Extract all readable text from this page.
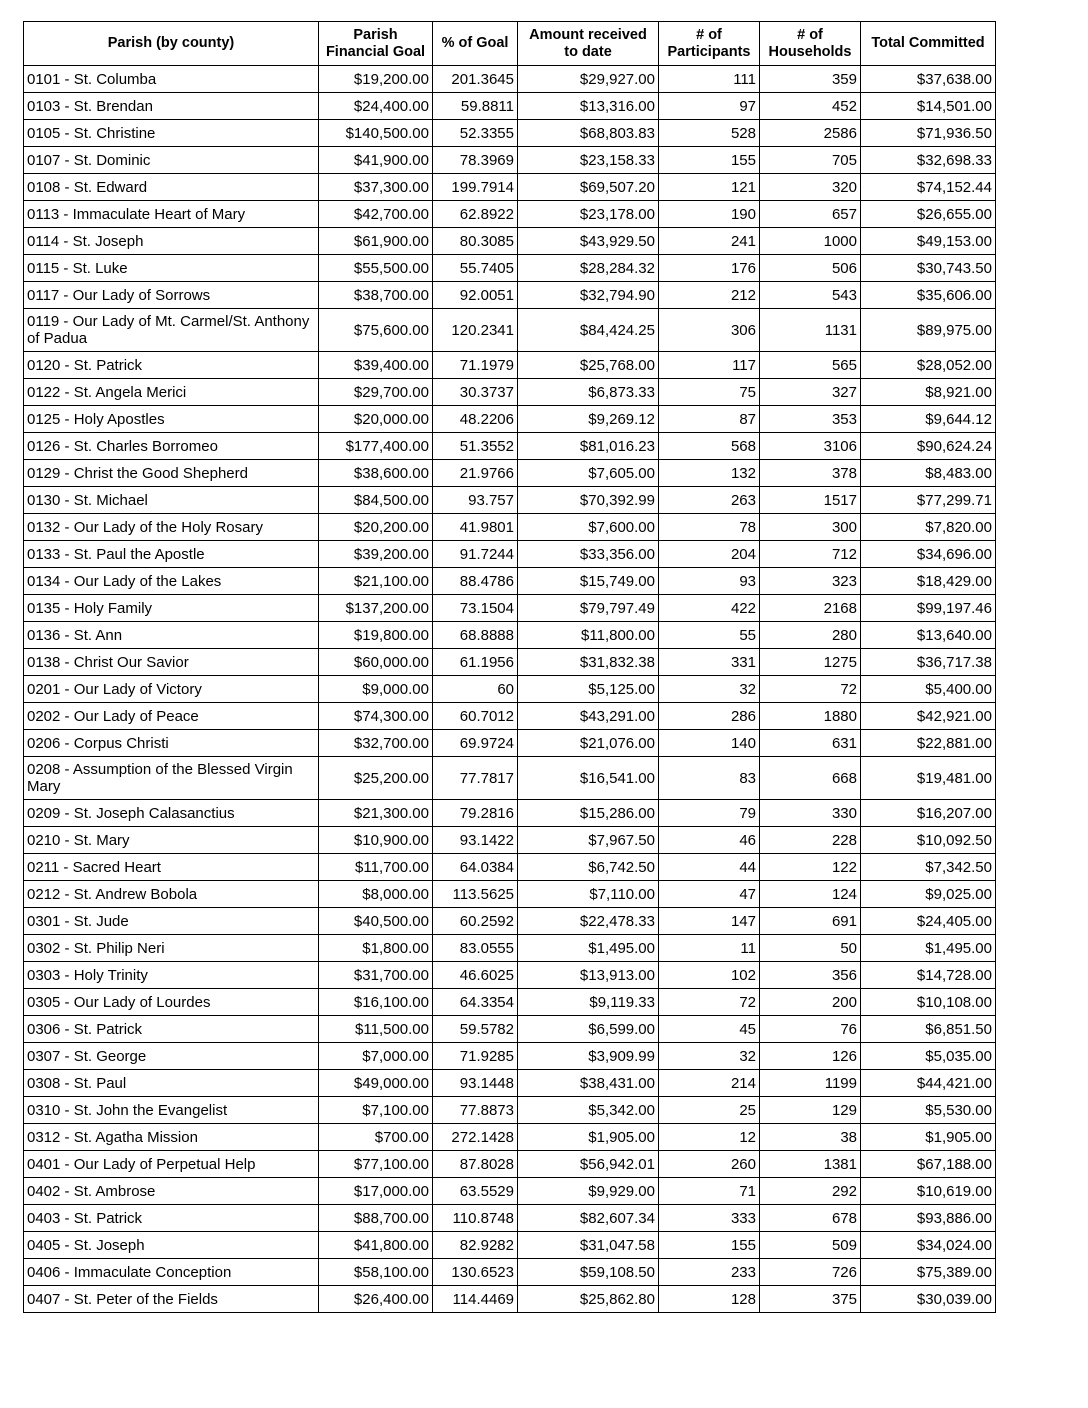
Parish (by county)	Parish Financial Goal	% of Goal	Amount received to date	# of Participants	# of Households	Total Committed
0101 - St. Columba	$19,200.00	201.3645	$29,927.00	111	359	$37,638.00
0103 - St. Brendan	$24,400.00	59.8811	$13,316.00	97	452	$14,501.00
0105 - St. Christine	$140,500.00	52.3355	$68,803.83	528	2586	$71,936.50
0107 - St. Dominic	$41,900.00	78.3969	$23,158.33	155	705	$32,698.33
0108 - St. Edward	$37,300.00	199.7914	$69,507.20	121	320	$74,152.44
0113 - Immaculate Heart of Mary	$42,700.00	62.8922	$23,178.00	190	657	$26,655.00
0114 - St. Joseph	$61,900.00	80.3085	$43,929.50	241	1000	$49,153.00
0115 - St. Luke	$55,500.00	55.7405	$28,284.32	176	506	$30,743.50
0117 - Our Lady of Sorrows	$38,700.00	92.0051	$32,794.90	212	543	$35,606.00
0119 - Our Lady of Mt. Carmel/St. Anthony of Padua	$75,600.00	120.2341	$84,424.25	306	1131	$89,975.00
0120 - St. Patrick	$39,400.00	71.1979	$25,768.00	117	565	$28,052.00
0122 - St. Angela Merici	$29,700.00	30.3737	$6,873.33	75	327	$8,921.00
0125 - Holy Apostles	$20,000.00	48.2206	$9,269.12	87	353	$9,644.12
0126 - St. Charles Borromeo	$177,400.00	51.3552	$81,016.23	568	3106	$90,624.24
0129 - Christ the Good Shepherd	$38,600.00	21.9766	$7,605.00	132	378	$8,483.00
0130 - St. Michael	$84,500.00	93.757	$70,392.99	263	1517	$77,299.71
0132 - Our Lady of the Holy Rosary	$20,200.00	41.9801	$7,600.00	78	300	$7,820.00
0133 - St. Paul the Apostle	$39,200.00	91.7244	$33,356.00	204	712	$34,696.00
0134 - Our Lady of the Lakes	$21,100.00	88.4786	$15,749.00	93	323	$18,429.00
0135 - Holy Family	$137,200.00	73.1504	$79,797.49	422	2168	$99,197.46
0136 - St. Ann	$19,800.00	68.8888	$11,800.00	55	280	$13,640.00
0138 - Christ Our Savior	$60,000.00	61.1956	$31,832.38	331	1275	$36,717.38
0201 - Our Lady of Victory	$9,000.00	60	$5,125.00	32	72	$5,400.00
0202 - Our Lady of Peace	$74,300.00	60.7012	$43,291.00	286	1880	$42,921.00
0206 - Corpus Christi	$32,700.00	69.9724	$21,076.00	140	631	$22,881.00
0208 - Assumption of the Blessed Virgin Mary	$25,200.00	77.7817	$16,541.00	83	668	$19,481.00
0209 - St. Joseph Calasanctius	$21,300.00	79.2816	$15,286.00	79	330	$16,207.00
0210 - St. Mary	$10,900.00	93.1422	$7,967.50	46	228	$10,092.50
0211 - Sacred Heart	$11,700.00	64.0384	$6,742.50	44	122	$7,342.50
0212 - St. Andrew Bobola	$8,000.00	113.5625	$7,110.00	47	124	$9,025.00
0301 - St. Jude	$40,500.00	60.2592	$22,478.33	147	691	$24,405.00
0302 - St. Philip Neri	$1,800.00	83.0555	$1,495.00	11	50	$1,495.00
0303 - Holy Trinity	$31,700.00	46.6025	$13,913.00	102	356	$14,728.00
0305 - Our Lady of Lourdes	$16,100.00	64.3354	$9,119.33	72	200	$10,108.00
0306 - St. Patrick	$11,500.00	59.5782	$6,599.00	45	76	$6,851.50
0307 - St. George	$7,000.00	71.9285	$3,909.99	32	126	$5,035.00
0308 - St. Paul	$49,000.00	93.1448	$38,431.00	214	1199	$44,421.00
0310 - St. John the Evangelist	$7,100.00	77.8873	$5,342.00	25	129	$5,530.00
0312 - St. Agatha Mission	$700.00	272.1428	$1,905.00	12	38	$1,905.00
0401 - Our Lady of Perpetual Help	$77,100.00	87.8028	$56,942.01	260	1381	$67,188.00
0402 - St. Ambrose	$17,000.00	63.5529	$9,929.00	71	292	$10,619.00
0403 - St. Patrick	$88,700.00	110.8748	$82,607.34	333	678	$93,886.00
0405 - St. Joseph	$41,800.00	82.9282	$31,047.58	155	509	$34,024.00
0406 - Immaculate Conception	$58,100.00	130.6523	$59,108.50	233	726	$75,389.00
0407 - St. Peter of the Fields	$26,400.00	114.4469	$25,862.80	128	375	$30,039.00
